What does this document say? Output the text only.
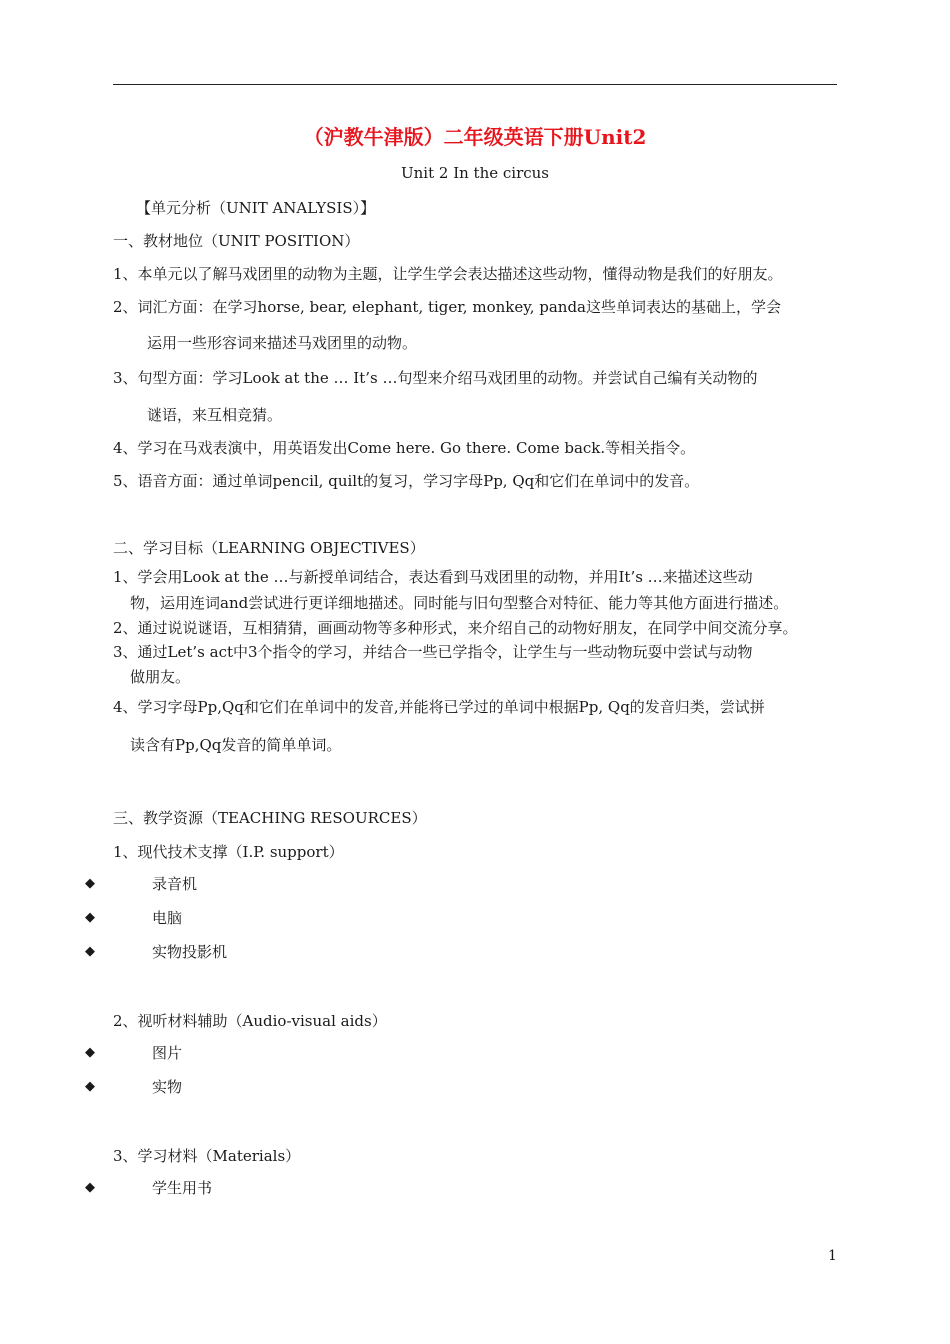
（沪教牛津版）二年级英语下册Unit2
Unit 2 In the circus
【单元分析（UNIT ANALYSIS）】
一、教材地位（UNIT POSITION）
1、本单元以了解马戏团里的动物为主题，让学生学会表达描述这些动物，懂得动物是我们的好朋友。
2、词汇方面：在学习horse, bear, elephant, tiger, monkey, panda这些单词表达的基础上，学会
运用一些形容词来描述马戏团里的动物。
3、句型方面：学习Look at the … It’s …句型来介绍马戏团里的动物。并尝试自己编有关动物的
谜语，来互相竞猜。
4、学习在马戏表演中，用英语发出Come here. Go there. Come back.等相关指令。
5、语音方面：通过单词pencil, quilt的复习，学习字母Pp, Qq和它们在单词中的发音。
二、学习目标（LEARNING OBJECTIVES）
1、学会用Look at the …与新授单词结合，表达看到马戏团里的动物，并用It’s …来描述这些动
物，运用连词and尝试进行更详细地描述。同时能与旧句型整合对特征、能力等其他方面进行描述。
2、通过说说谜语，互相猜猜，画画动物等多种形式，来介绍自己的动物好朋友，在同学中间交流分享。
3、通过Let’s act中3个指令的学习，并结合一些已学指令，让学生与一些动物玩耍中尝试与动物
做朋友。
4、学习字母Pp,Qq和它们在单词中的发音,并能将已学过的单词中根据Pp, Qq的发音归类，尝试拼
读含有Pp,Qq发音的简单单词。
三、教学资源（TEACHING RESOURCES）
1、现代技术支撑（I.P. support）
◆	录音机
◆	电脑
◆	实物投影机
2、视听材料辅助（Audio-visual aids）
◆	图片
◆	实物
3、学习材料（Materials）
◆	学生用书
1
